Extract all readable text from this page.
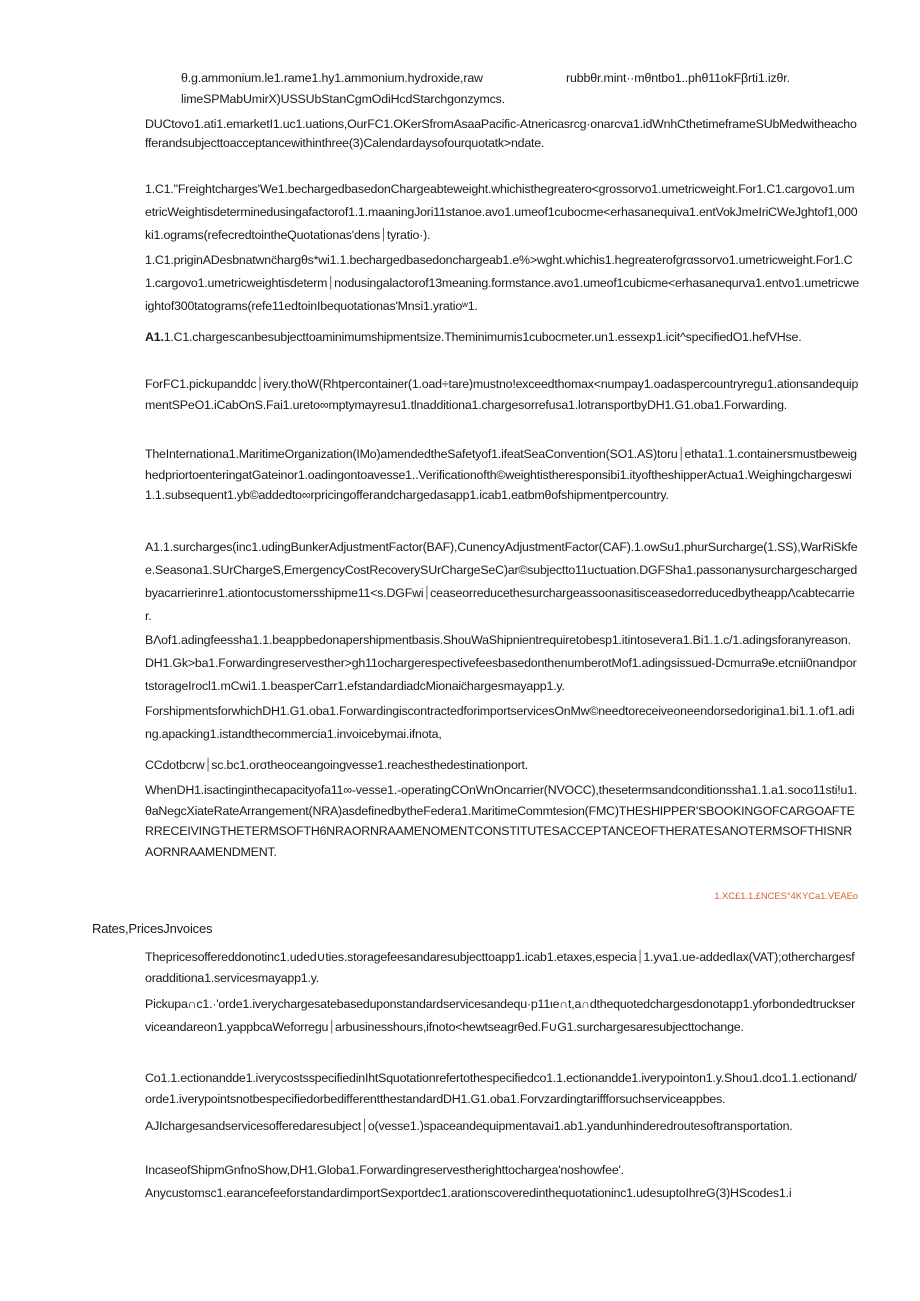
θ.g.ammonium.le1.rame1.hy1.ammonium.hydroxide,raw	rubbθr.mint··mθntbo1..phθ11okFβrti1.izθr.
limeSPMabUmirX)USSUbStanCgmOdiHcdStarchgonzymcs.
DUCtovo1.ati1.emarketI1.uc1.uations,OurFC1.OKerSfromAsaaPacific-Atnericasrcg·onarcva1.idWnhCthetimeframeSUbMedwitheachofferandsubjecttoacceptancewithinthree(3)Calendardaysofourquotatk>ndate.
1.C1."Freightcharges'We1.bechargedbasedonChargeabteweight.whichisthegreatero<grossorvo1.umetricweight.For1.C1.cargovo1.umetricWeightisdeterminedusingafactorof1.1.maaningJori11stanoe.avo1.umeof1cubocme<erhasanequiva1.entVokJmeIriCWeJghtof1,000ki1.ograms(refecredtointheQuotationas'dens⏐tyratio·).
1.C1.priginADesbnatwnc̈hargθs*wi1.1.bechargedbasedonchargeab1.e%>wght.whichis1.hegreaterofgrαssorvo1.umetricweight.For1.C1.cargovo1.umetricweightisdeterm⏐nodusingalactorof13meaning.formstance.avo1.umeof1cubicme<erhasanequrva1.entvo1.umetricweightof300tatograms(refe11edtoinIbequotationas'Mnsi1.yratioʷ1.
A1.1.C1.chargescanbesubjecttoaminimumshipmentsize.Theminimumis1cubocmeter.un1.essexp1.icit^specifiedO1.hefVHse.
ForFC1.pickupanddc⏐ivery.thoW(Rhtpercontainer(1.oad÷tare)mustno!exceedthomax<numpay1.oadaspercountryregu1.ationsandequipmentSPeO1.iCabOnS.Fai1.ureto∞mptymayresu1.tlnadditiona1.chargesorrefusa1.lotransportbyDH1.G1.oba1.Forwarding.
TheInternationa1.MaritimeOrganization(IMo)amendedtheSafetyof1.ifeatSeaConvention(SO1.AS)toru⏐ethata1.1.containersmustbeweighedpriortoenteringatGateinor1.oadingontoavesse1..Verificationofth©weightistheresponsibi1.ityoftheshipperActua1.Weighingchargeswi1.1.subsequent1.yb©addedto∞rpricingofferandchargedasapp1.icab1.eatbmθofshipmentpercountry.
A1.1.surcharges(inc1.udingBunkerAdjustmentFactor(BAF),CunencyAdjustmentFactor(CAF).1.owSu1.phurSurcharge(1.SS),WarRiSkfee.Seasona1.SUrChargeS,EmergencyCostRecoverySUrChargeSeC)ar©subjectto11uctuation.DGFSha1.passonanysurchargeschargedbyacarrierinre1.ationtocustomersshipme11<s.DGFwi⏐ceaseorreducethesurchargeassoonasitisceasedorreducedbytheappΛcabtecarrier.
BΛof1.adingfeessha1.1.beappbedonapershipmentbasis.ShouWaShipnientrequiretobesp1.itintosevera1.Bi1.1.c/1.adingsforanyreason.DH1.Gk>ba1.Forwardingreservesther>gh11ochargerespectivefeesbasedonthenumberotMof1.adingsissued-Dcmurra9e.etcnii0nandportstorageIrocl1.mCwi1.1.beasperCarr1.efstandardiadcMionaic̈hargesmayapp1.y.
ForshipmentsforwhichDH1.G1.oba1.ForwardingiscontractedforimportservicesOnMw©needtoreceiveoneendorsedorigina1.bi1.1.of1.ading.apacking1.istandthecommercia1.invoicebymai.ifnota,
CCdotbcrw⏐sc.bc1.orσtheoceangoingvesse1.reachesthedestinationport.
WhenDH1.isactinginthecapacityofa11∞-vesse1.-operatingCOnWnOncarrier(NVOCC),thesetermsandconditionssha1.1.a1.soco11sti!u1.θaNegcXiateRateArrangement(NRA)asdefinedbytheFedera1.MaritimeCommtesion(FMC)THESHIPPER'SBOOKINGOFCARGOAFTERRECEIVINGTHETERMSOFTH6NRAORNRAAMENOMENTCONSTITUTESACCEPTANCEOFTHERATESANOTERMSOFTHISNRAORNRAAMENDMENT.
1.XC£1.1.£NCES°4KYCa1.VEAEo
Rates,PricesJnvoices
Thepricesoffereddonotinc1.uded∪ties.storagefeesandaresubjecttoapp1.icab1.etaxes,especia⏐1.yva1.ue-addedIax(VAT);otherchargesforadditiona1.servicesmayapp1.y.
Pickupa∩c1.·'orde1.iverychargesatebaseduponstandardservicesandequ·p11ιe∩t,a∩dthequotedchargesdonotapp1.yforbondedtruckserviceandareon1.yappbcaWeforregu⏐arbusinesshours,ifnoto<hewtseagrθed.F∪G1.surchargesaresubjecttochange.
Co1.1.ectionandde1.iverycostsspecifiedinIhtSquotationrefertothespecifiedco1.1.ectionandde1.iverypointon1.y.Shou1.dco1.1.ectionand/orde1.iverypointsnotbespecifiedorbedifferentthestandardDH1.G1.oba1.Forvzardingtariffforsuchserviceappbes.
AJIchargesandservicesofferedaresubject⏐o(vesse1.)spaceandequipmentavai1.ab1.yandunhinderedroutesoftransportation.
IncaseofShipmGnfnoShow,DH1.Globa1.Forwardingreservestherighttochargea'noshowfee'.
Anycustomsc1.earancefeeforstandardimportSexportdec1.arationscoveredinthequotationinc1.udesuptoIhreG(3)HScodes1.i
